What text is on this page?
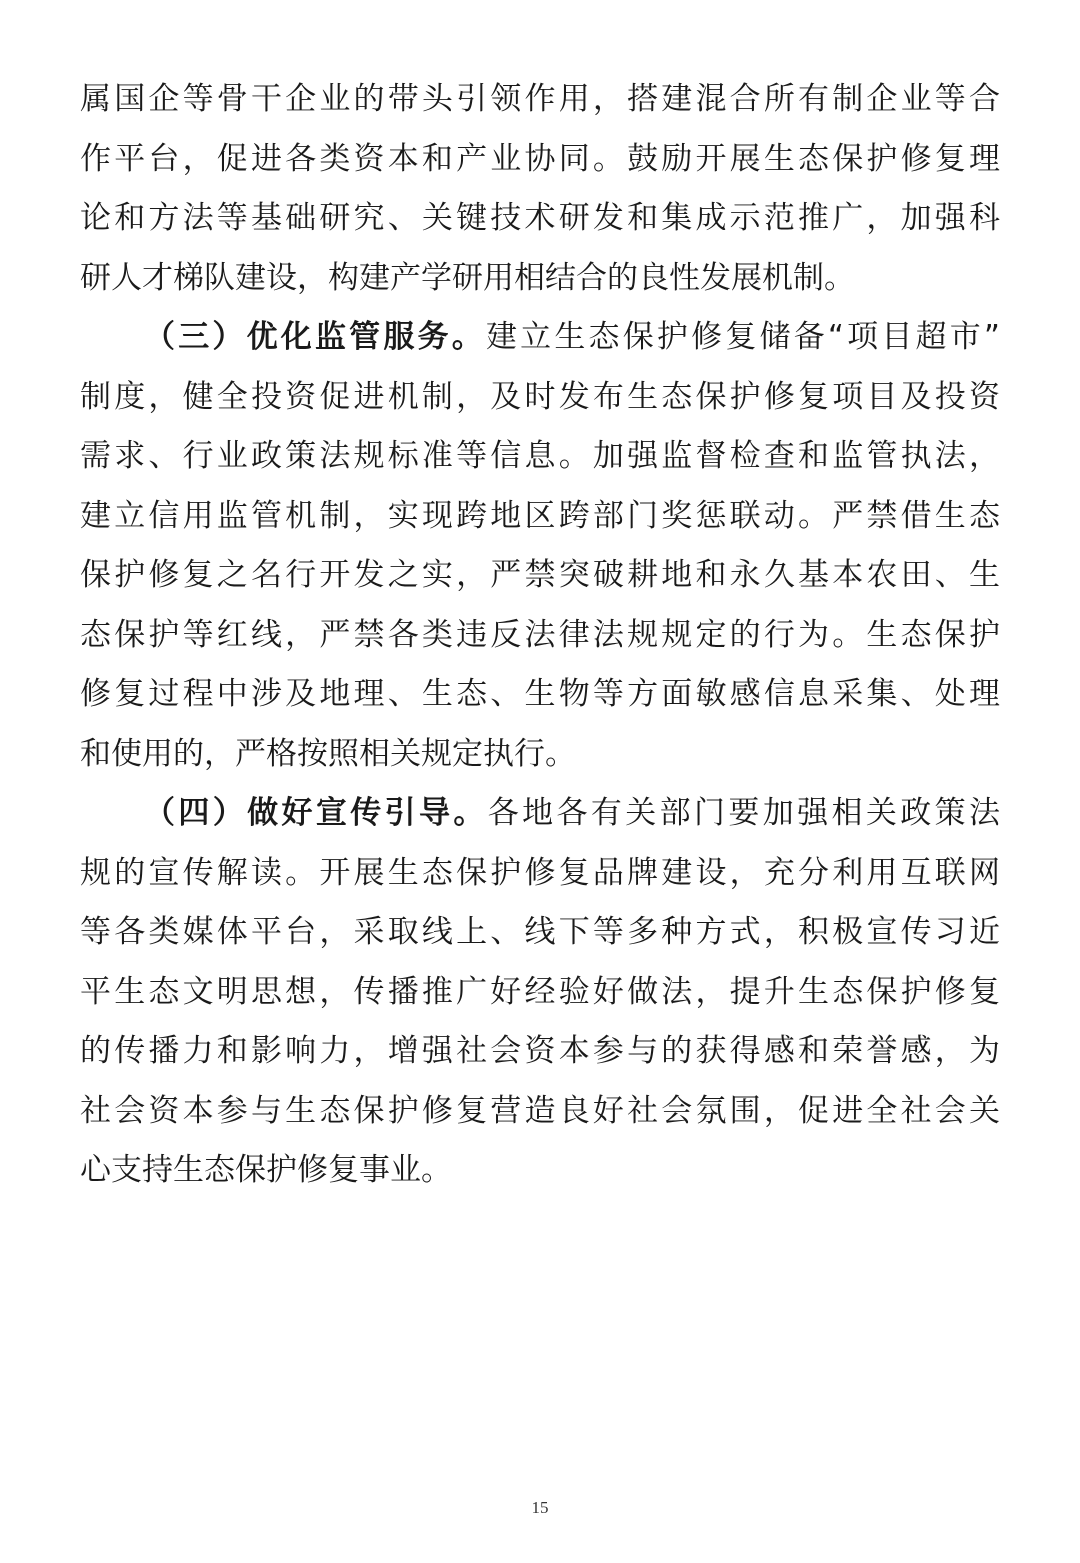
属国企等骨干企业的带头引领作用，搭建混合所有制企业等合
作平台，促进各类资本和产业协同。鼓励开展生态保护修复理
论和方法等基础研究、关键技术研发和集成示范推广，加强科
研人才梯队建设，构建产学研用相结合的良性发展机制。
（三）优化监管服务。建立生态保护修复储备“项目超市”
制度，健全投资促进机制，及时发布生态保护修复项目及投资
需求、行业政策法规标准等信息。加强监督检查和监管执法，
建立信用监管机制，实现跨地区跨部门奖惩联动。严禁借生态
保护修复之名行开发之实，严禁突破耕地和永久基本农田、生
态保护等红线，严禁各类违反法律法规规定的行为。生态保护
修复过程中涉及地理、生态、生物等方面敏感信息采集、处理
和使用的，严格按照相关规定执行。
（四）做好宣传引导。各地各有关部门要加强相关政策法
规的宣传解读。开展生态保护修复品牌建设，充分利用互联网
等各类媒体平台，采取线上、线下等多种方式，积极宣传习近
平生态文明思想，传播推广好经验好做法，提升生态保护修复
的传播力和影响力，增强社会资本参与的获得感和荣誉感，为
社会资本参与生态保护修复营造良好社会氛围，促进全社会关
心支持生态保护修复事业。
15
